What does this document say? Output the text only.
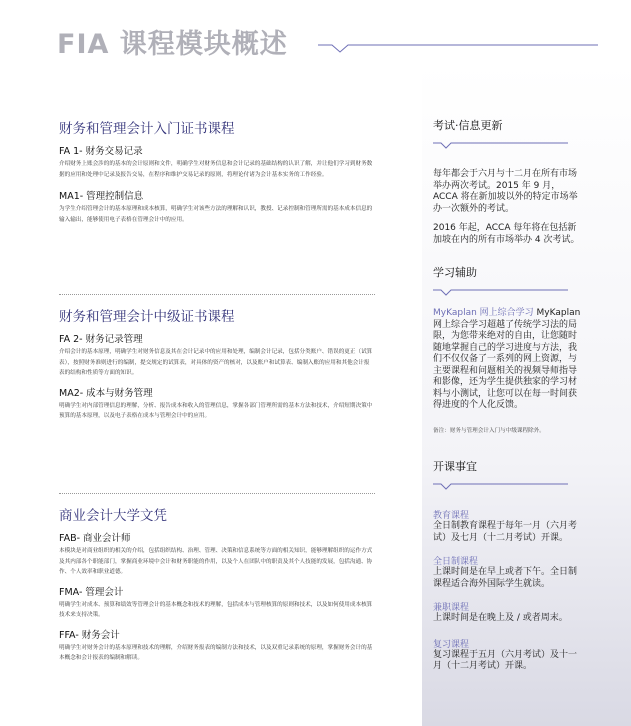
FIA 课程模块概述
财务和管理会计入门证书课程
FA 1- 财务交易记录

介绍财务上账会涉的的基本的会计原则和文件，明确学生对财务信息和会计记录的基础结构的认识了解，并让他们学习到财务数据的应用和处理中记录及报告交易，在程序和维护交易记录的原则，将理论付诸为会计基本实务的工作经验。

MA1- 管理控制信息

为学生介绍管理会计的基本原理和成本核算，明确学生对该些方法的理解和认识，教授、记录控制和管理所需的基本成本信息的输入输出，能够使用电子表格在管理会计中的应用。

财务和管理会计中级证书课程
FA 2- 财务记录管理

介绍会计的基本原理，明确学生对财务信息及其在会计记录中的应用和处理，编制会计记录，包括分类账户、错误的更正（试算表），按照财务准则进行的编制，提交规定的试算表，对具体的资产的核对，以及账户和试算表、编制入账的应用和其他会计报表的结构和性质等方面的知识。

MA2- 成本与财务管理

明确学生对内部管理信息的理解，分析、报告成本和收入的管理信息，掌握各部门管理所需的基本方法和技术，介绍短期决策中预算的基本原理，以及电子表格在成本与管理会计中的应用。

商业会计大学文凭
FAB- 商业会计师

本模块是对商业组织的相关的介绍，包括组织结构、治理、管理、决策和信息系统等方面的相关知识，能够理解组织的运作方式及其内部各个职能部门，掌握商业环境中会计和财务职能的作用，以及个人在团队中的职责及其个人技能的发展，包括沟通、协作、个人效率和职业道德。

FMA- 管理会计

明确学生对成本、预算和绩效等管理会计的基本概念和技术的理解，包括成本与管理核算的原则和技术，以及如何使用成本核算技术来支持决策。

FFA- 财务会计

明确学生对财务会计的基本原理和技术的理解，介绍财务报表的编制方法和技术，以及双重记录系统的原理，掌握财务会计的基本概念和会计报表的编制和解读。

考试·信息更新

每年都会于六月与十二月在所有市场举办两次考试。2015 年 9 月，ACCA 将在新加坡以外的特定市场举办一次额外的考试。

2016 年起，ACCA 每年将在包括新加坡在内的所有市场举办 4 次考试。

学习辅助

MyKaplan 网上综合学习 MyKaplan 网上综合学习超越了传统学习法的局限，为您带来绝对的自由，让您随时随地掌握自己的学习进度与方法，我们不仅仅备了一系列的网上资源，与主要课程和问题相关的视频导师指导和影像，还为学生提供独家的学习材料与小测试，让您可以在每一时间获得进度的个人化反馈。

备注：财务与管理会计入门与中级课程除外。

开课事宜

教育课程

全日制教育课程于每年一月（六月考试）及七月（十二月考试）开课。

全日制课程

上课时间是在早上或者下午。全日制课程适合海外国际学生就读。

兼职课程

上课时间是在晚上及 / 或者周末。

复习课程

复习课程于五月（六月考试）及十一月（十二月考试）开课。
